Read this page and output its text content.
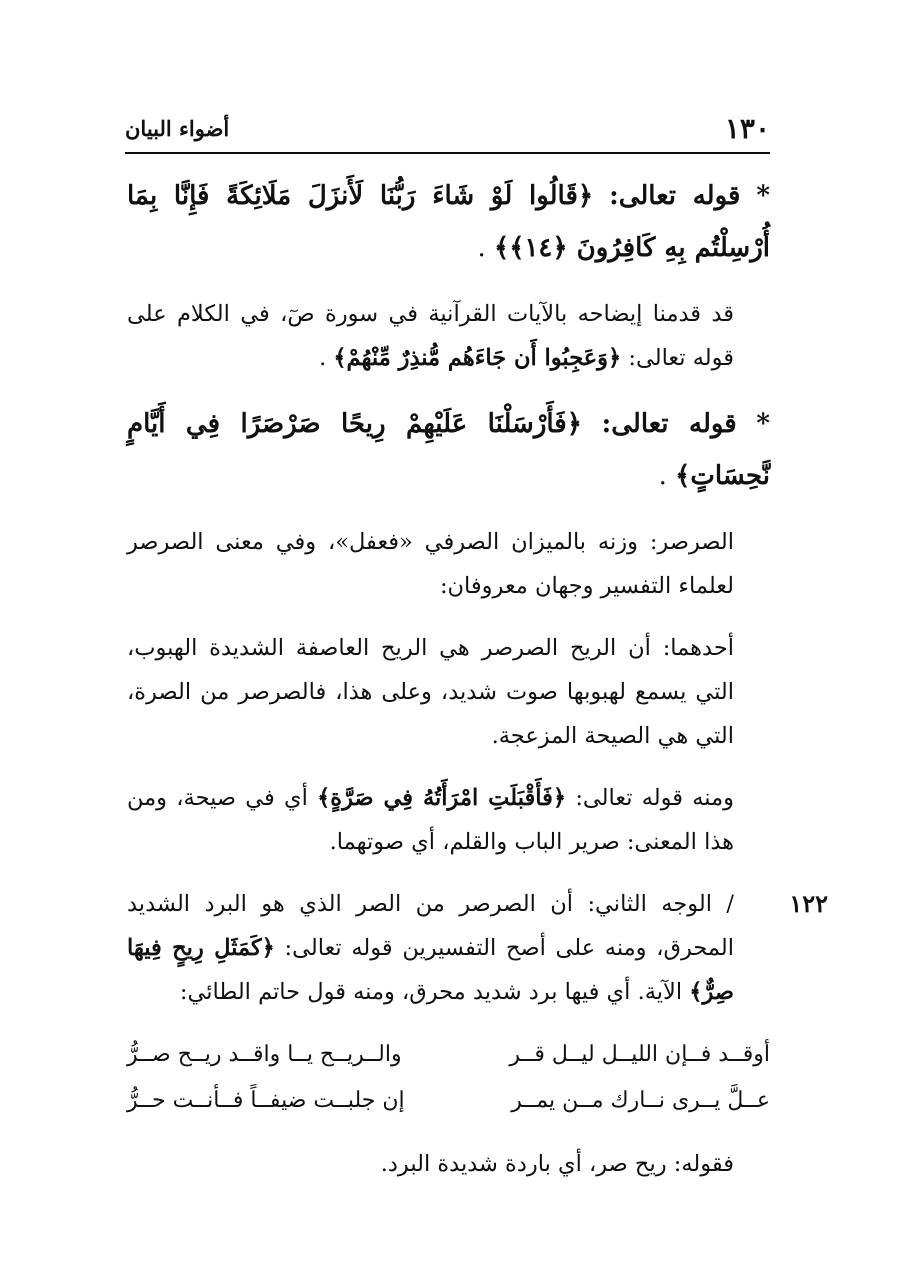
١٣٠
أضواء البيان

* قوله تعالى: ﴿قَالُوا لَوْ شَاءَ رَبُّنَا لَأَنزَلَ مَلَائِكَةً فَإِنَّا بِمَا أُرْسِلْتُم بِهِ كَافِرُونَ ﴿١٤﴾﴾ .

قد قدمنا إيضاحه بالآيات القرآنية في سورة صٓ، في الكلام على قوله تعالى: ﴿وَعَجِبُوا أَن جَاءَهُم مُّنذِرٌ مِّنْهُمْ﴾ .

* قوله تعالى: ﴿فَأَرْسَلْنَا عَلَيْهِمْ رِيحًا صَرْصَرًا فِي أَيَّامٍ نَّحِسَاتٍ﴾ .

الصرصر: وزنه بالميزان الصرفي «فعفل»، وفي معنى الصرصر لعلماء التفسير وجهان معروفان:

أحدهما: أن الريح الصرصر هي الريح العاصفة الشديدة الهبوب، التي يسمع لهبوبها صوت شديد، وعلى هذا، فالصرصر من الصرة، التي هي الصيحة المزعجة.

ومنه قوله تعالى: ﴿فَأَقْبَلَتِ امْرَأَتُهُ فِي صَرَّةٍ﴾ أي في صيحة، ومن هذا المعنى: صرير الباب والقلم، أي صوتهما.

١٢٢

/ الوجه الثاني: أن الصرصر من الصر الذي هو البرد الشديد المحرق، ومنه على أصح التفسيرين قوله تعالى: ﴿كَمَثَلِ رِيحٍ فِيهَا صِرٌّ﴾ الآية. أي فيها برد شديد محرق، ومنه قول حاتم الطائي:

أوقــد فــإن الليــل ليــل قــر
والــريــح يــا واقــد ريــح صــرُّ
عــلَّ يــرى نــارك مــن يمــر
إن جلبــت ضيفــاً فــأنــت حــرُّ

فقوله: ريح صر، أي باردة شديدة البرد.
